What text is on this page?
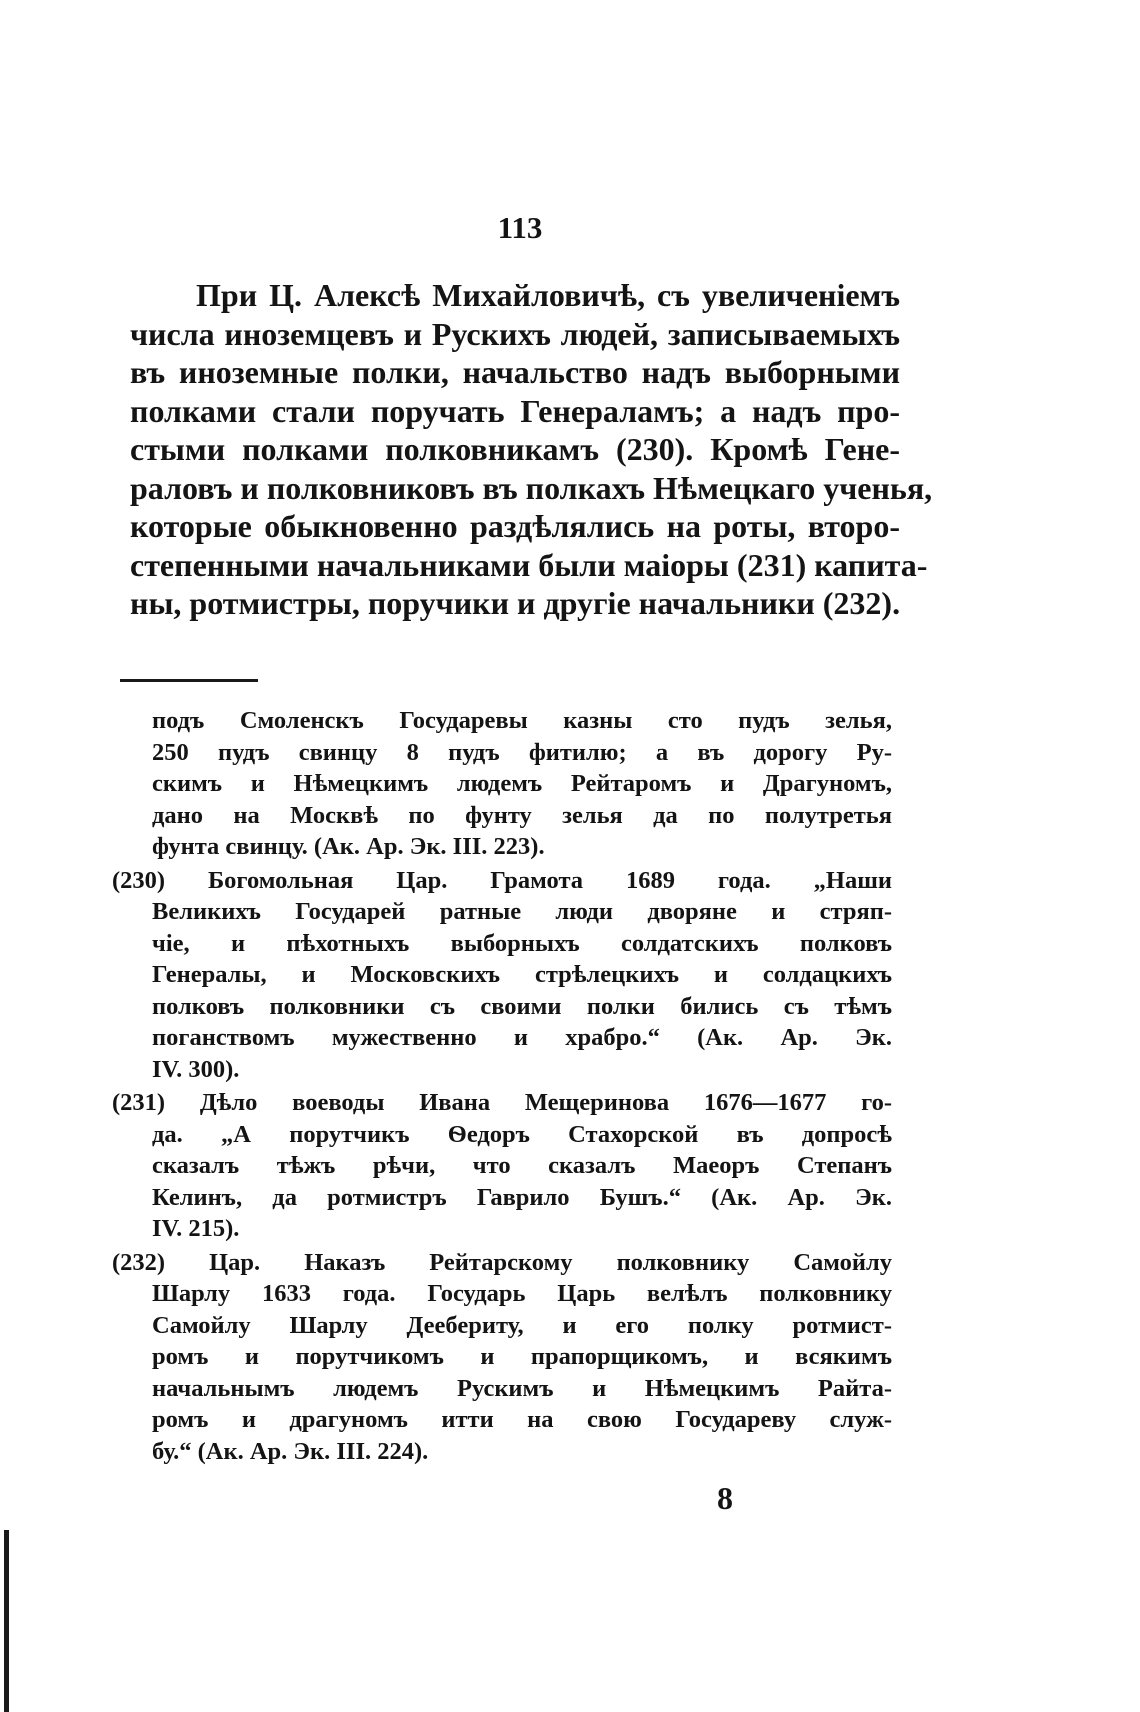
113
При Ц. Алексѣ Михайловичѣ, съ увеличенiемъ
числа иноземцевъ и Рускихъ людей, записываемыхъ
въ иноземные полки, начальство надъ выборными
полками стали поручать Генераламъ; а надъ про-
стыми полками полковникамъ (230). Кромѣ Гене-
раловъ и полковниковъ въ полкахъ Нѣмецкаго ученья,
которые обыкновенно раздѣлялись на роты, второ-
степенными начальниками были маiоры (231) капита-
ны, ротмистры, поручики и другiе начальники (232).
подъ Смоленскъ Государевы казны сто пудъ зелья,
250 пудъ свинцу 8 пудъ фитилю; а въ дорогу Ру-
скимъ и Нѣмецкимъ людемъ Рейтаромъ и Драгуномъ,
дано на Москвѣ по фунту зелья да по полутретья
фунта свинцу. (Ак. Ар. Эк. III. 223).
(230) Богомольная Цар. Грамота 1689 года. „Наши
Великихъ Государей ратные люди дворяне и стряп-
чiе, и пѣхотныхъ выборныхъ солдатскихъ полковъ
Генералы, и Московскихъ стрѣлецкихъ и солдацкихъ
полковъ полковники съ своими полки бились съ тѣмъ
поганствомъ мужественно и храбро.“ (Ак. Ар. Эк.
IV. 300).
(231) Дѣло воеводы Ивана Мещеринова 1676—1677 го-
да. „А порутчикъ Ѳедоръ Стахорской въ допросѣ
сказалъ тѣжъ рѣчи, что сказалъ Маеоръ Степанъ
Келинъ, да ротмистръ Гаврило Бушъ.“ (Ак. Ар. Эк.
IV. 215).
(232) Цар. Наказъ Рейтарскому полковнику Самойлу
Шарлу 1633 года. Государь Царь велѣлъ полковнику
Самойлу Шарлу Деебериту, и его полку ротмист-
ромъ и порутчикомъ и прапорщикомъ, и всякимъ
начальнымъ людемъ Рускимъ и Нѣмецкимъ Райта-
ромъ и драгуномъ итти на свою Государеву служ-
бу.“ (Ак. Ар. Эк. III. 224).
8
